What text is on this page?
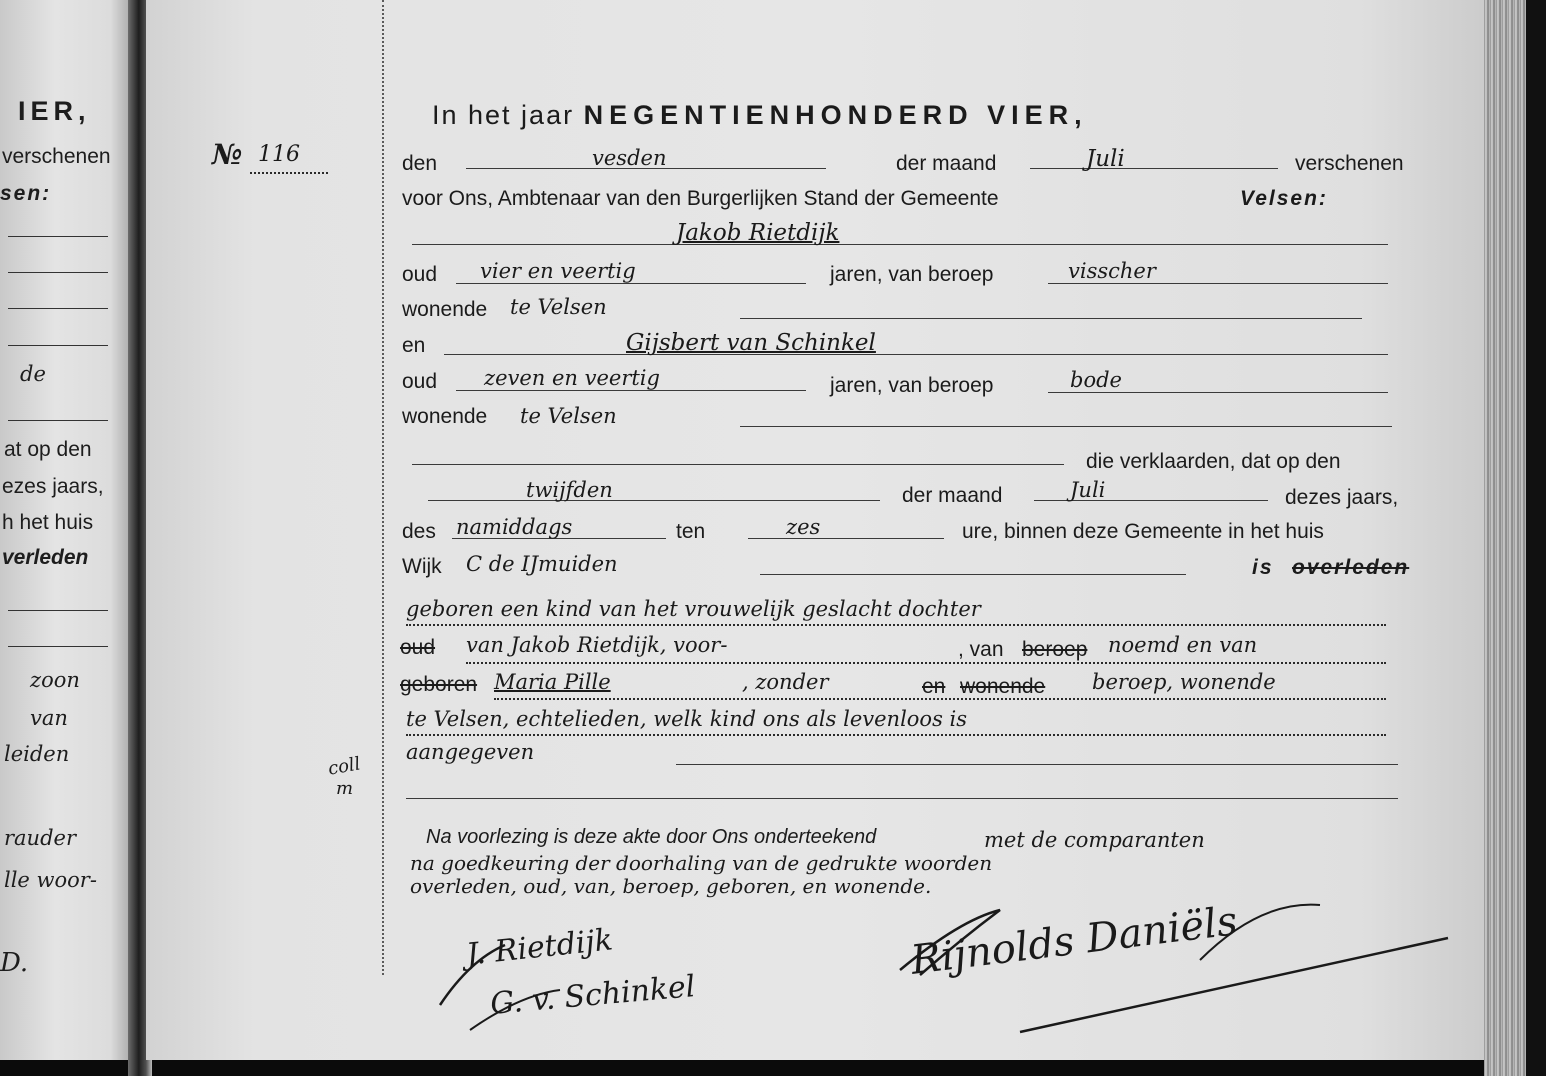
IER,
verschenen
sen:
de
at op den
ezes jaars,
h het huis
verleden
zoon
van
leiden
rauder
lle woor-
D.
№ 116
In het jaar NEGENTIENHONDERD VIER,
den	vesden	der maand	Juli	verschenen
voor Ons, Ambtenaar van den Burgerlijken Stand der Gemeente	Velsen:
Jakob Rietdijk
oud vier en veertig	jaren, van beroep	visscher
wonende te Velsen
en	Gijsbert van Schinkel
oud zeven en veertig	jaren, van beroep	bode
wonende te Velsen
die verklaarden, dat op den
twijfden	der maand	Juli	dezes jaars,
des namiddags	ten	zes	ure, binnen deze Gemeente in het huis
Wijk C de IJmuiden	is overleden
geboren een kind van het vrouwelijk geslacht dochter
oud van Jakob Rietdijk, voor-	, van beroep noemd en van
geboren Maria Pille	, zonder	en wonende beroep, wonende
te Velsen, echtelieden, welk kind ons als levenloos is
aangegeven
coll
m
Na voorlezing is deze akte door Ons onderteekend	met de comparanten
na goedkeuring der doorhaling van de gedrukte woorden
overleden, oud, van, beroep, geboren, en wonende.
J. Rietdijk
G. v. Schinkel
Rijnolds Daniëls
